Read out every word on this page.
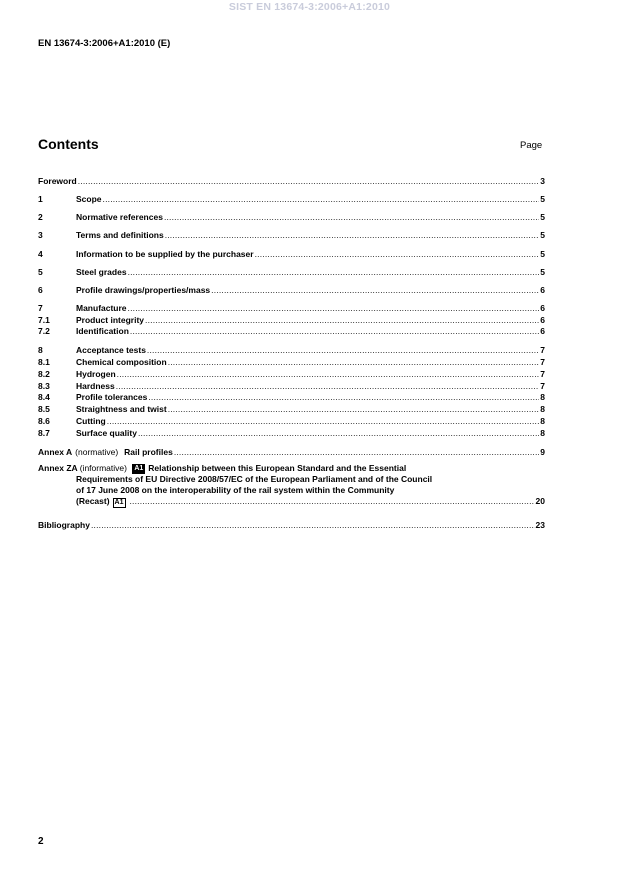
SIST EN 13674-3:2006+A1:2010
EN 13674-3:2006+A1:2010 (E)
Contents	Page
Foreword .....	3
1	Scope .....	5
2	Normative references .....	5
3	Terms and definitions .....	5
4	Information to be supplied by the purchaser .....	5
5	Steel grades .....	5
6	Profile drawings/properties/mass .....	6
7	Manufacture .....	6
7.1	Product integrity .....	6
7.2	Identification .....	6
8	Acceptance tests .....	7
8.1	Chemical composition .....	7
8.2	Hydrogen .....	7
8.3	Hardness .....	7
8.4	Profile tolerances .....	8
8.5	Straightness and twist .....	8
8.6	Cutting .....	8
8.7	Surface quality .....	8
Annex A (normative) Rail profiles .....	9
Annex ZA (informative) A1 Relationship between this European Standard and the Essential
Requirements of EU Directive 2008/57/EC of the European Parliament and of the Council
of 17 June 2008 on the interoperability of the rail system within the Community
(Recast) A1 .....	20
Bibliography .....	23
2
